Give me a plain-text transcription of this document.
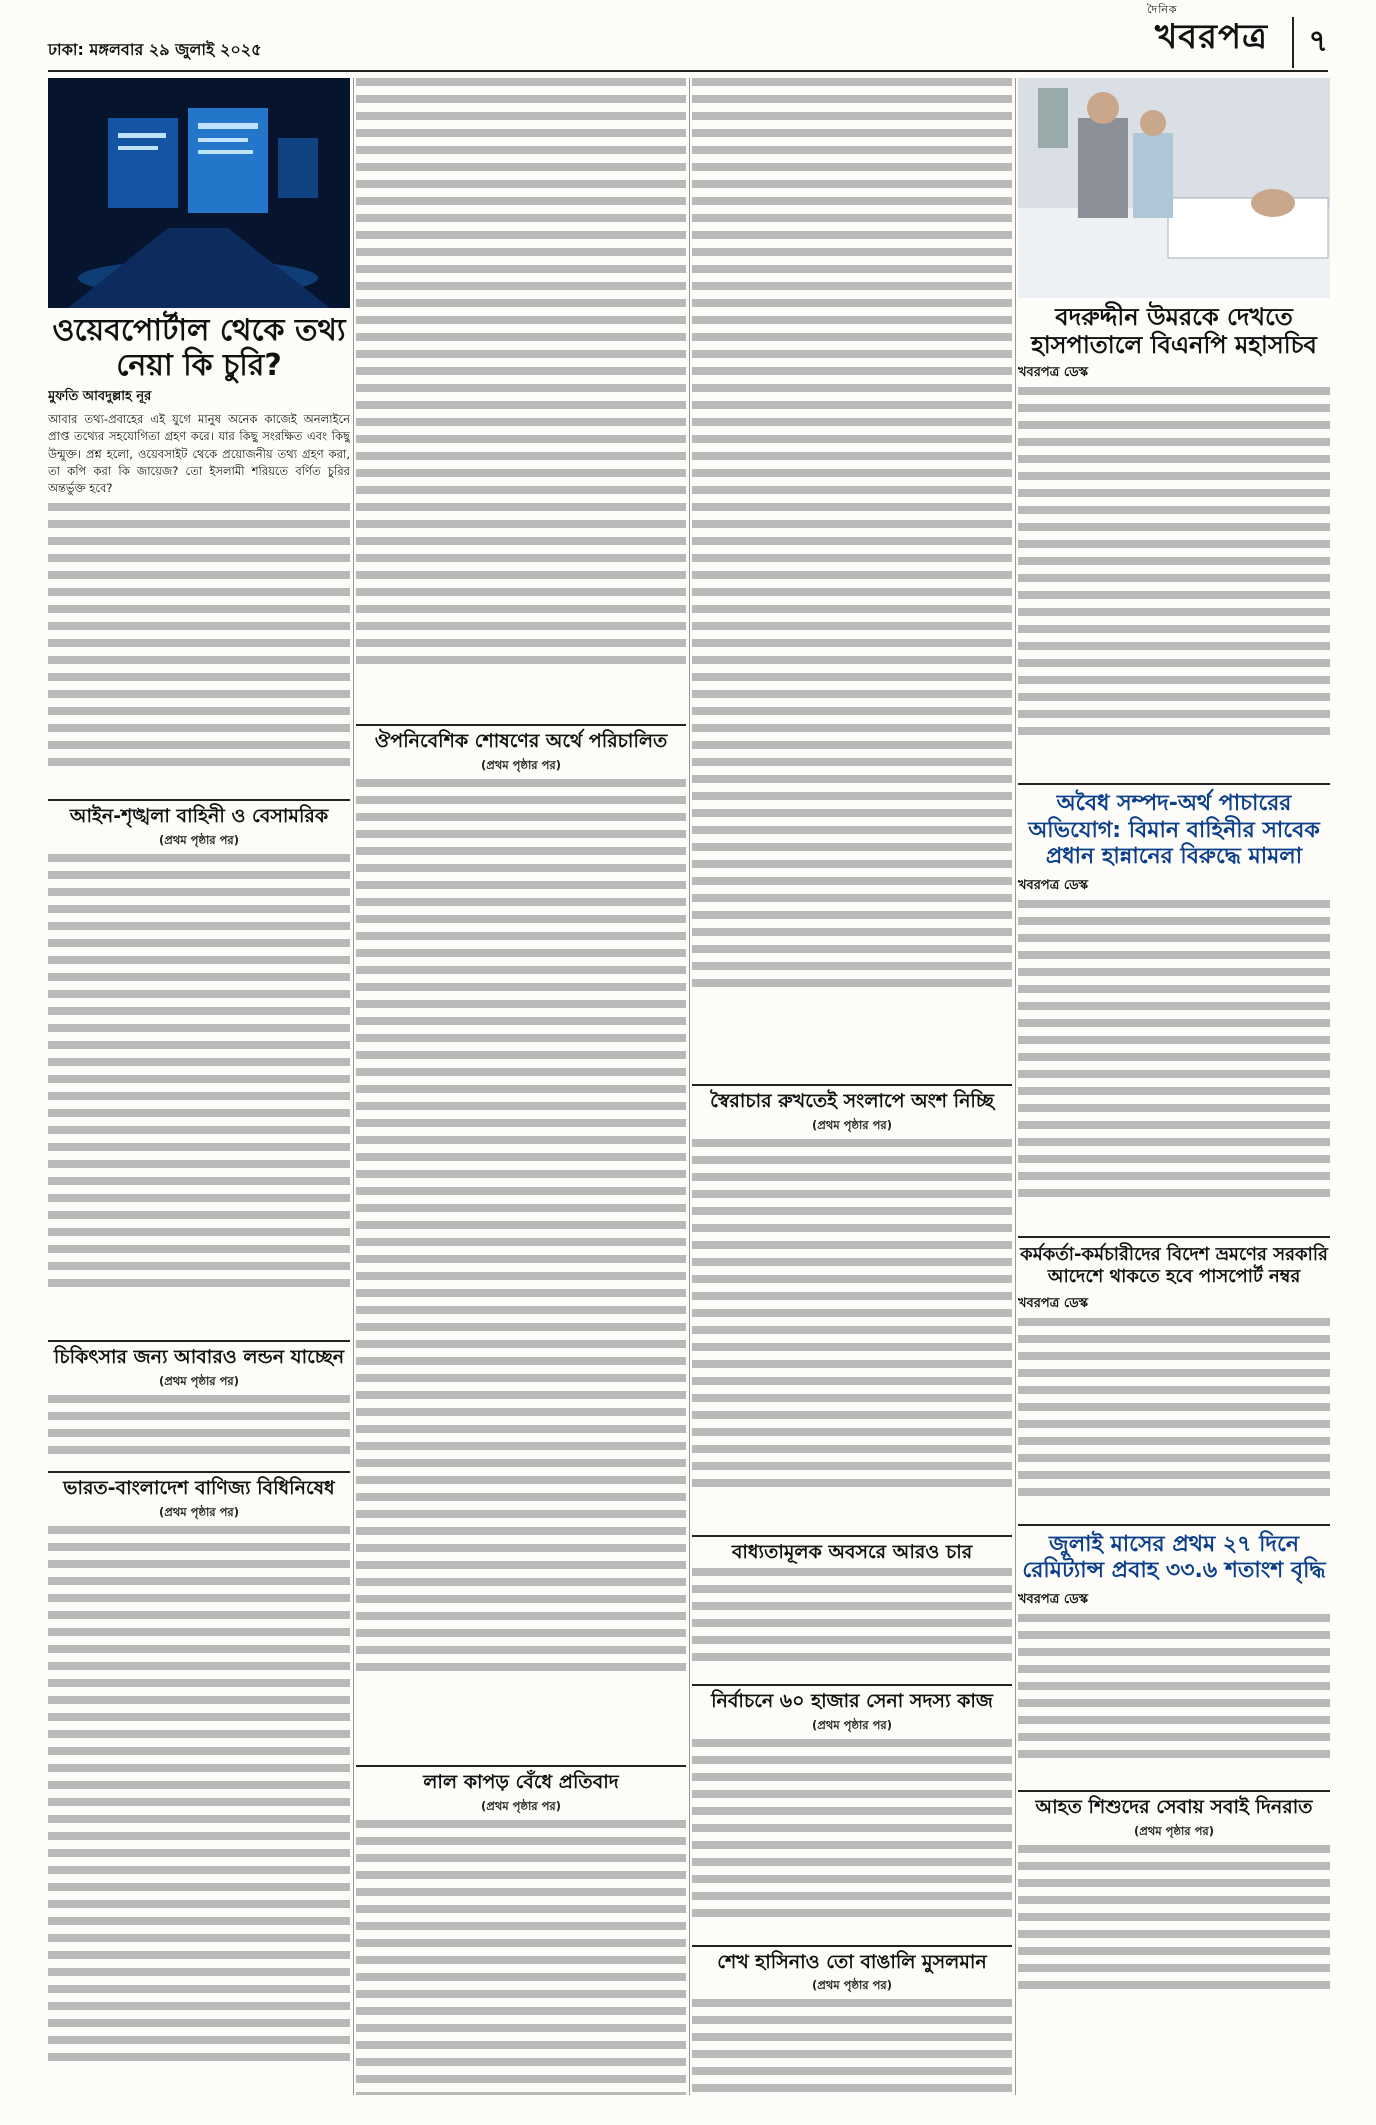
ঢাকা: মঙ্গলবার ২৯ জুলাই ২০২৫
দৈনিক
খবরপত্র	৭
ওয়েবপোর্টাল থেকে তথ্য নেয়া কি চুরি?
মুফতি আবদুল্লাহ নূর

আবার তথ্য-প্রবাহের এই যুগে মানুষ অনেক কাজেই অনলাইনে প্রাপ্ত তথ্যের সহযোগিতা গ্রহণ করে। যার কিছু সংরক্ষিত এবং কিছু উন্মুক্ত। প্রশ্ন হলো, ওয়েবসাইট থেকে প্রয়োজনীয় তথ্য গ্রহণ করা, তা কপি করা কি জায়েজ? তো ইসলামী শরিয়তে বর্ণিত চুরির অন্তর্ভুক্ত হবে?

আইন-শৃঙ্খলা বাহিনী ও বেসামরিক
(প্রথম পৃষ্ঠার পর)
চিকিৎসার জন্য আবারও লন্ডন যাচ্ছেন
(প্রথম পৃষ্ঠার পর)
ভারত-বাংলাদেশ বাণিজ্য বিধিনিষেধ
(প্রথম পৃষ্ঠার পর)
ঔপনিবেশিক শোষণের অর্থে পরিচালিত
(প্রথম পৃষ্ঠার পর)
লাল কাপড় বেঁধে প্রতিবাদ
(প্রথম পৃষ্ঠার পর)
স্বৈরাচার রুখতেই সংলাপে অংশ নিচ্ছি
(প্রথম পৃষ্ঠার পর)
বাধ্যতামূলক অবসরে আরও চার
নির্বাচনে ৬০ হাজার সেনা সদস্য কাজ
(প্রথম পৃষ্ঠার পর)
শেখ হাসিনাও তো বাঙালি মুসলমান
(প্রথম পৃষ্ঠার পর)
বদরুদ্দীন উমরকে দেখতে হাসপাতালে বিএনপি মহাসচিব
খবরপত্র ডেস্ক
অবৈধ সম্পদ-অর্থ পাচারের অভিযোগ: বিমান বাহিনীর সাবেক প্রধান হান্নানের বিরুদ্ধে মামলা
খবরপত্র ডেস্ক
কর্মকর্তা-কর্মচারীদের বিদেশ ভ্রমণের সরকারি আদেশে থাকতে হবে পাসপোর্ট নম্বর
খবরপত্র ডেস্ক
জুলাই মাসের প্রথম ২৭ দিনে রেমিট্যান্স প্রবাহ ৩৩.৬ শতাংশ বৃদ্ধি
খবরপত্র ডেস্ক
আহত শিশুদের সেবায় সবাই দিনরাত
(প্রথম পৃষ্ঠার পর)
